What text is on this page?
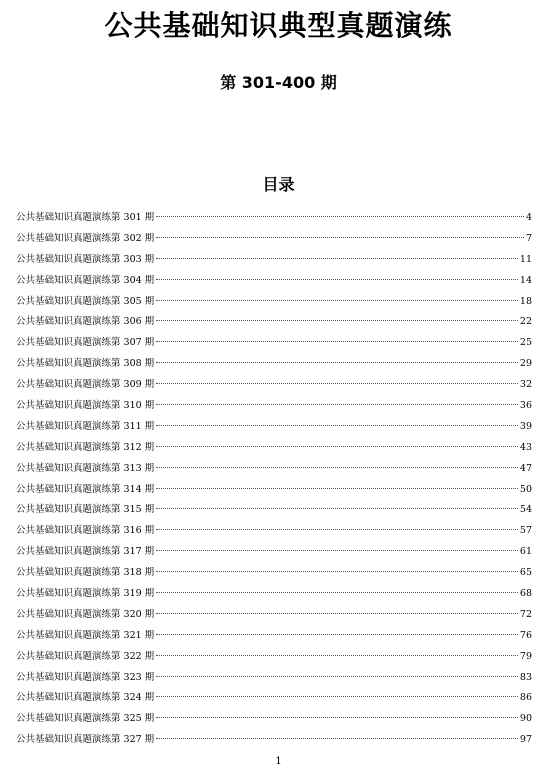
公共基础知识典型真题演练
第 301-400 期
目录
公共基础知识真题演练第 301 期	4
公共基础知识真题演练第 302 期	7
公共基础知识真题演练第 303 期	11
公共基础知识真题演练第 304 期	14
公共基础知识真题演练第 305 期	18
公共基础知识真题演练第 306 期	22
公共基础知识真题演练第 307 期	25
公共基础知识真题演练第 308 期	29
公共基础知识真题演练第 309 期	32
公共基础知识真题演练第 310 期	36
公共基础知识真题演练第 311 期	39
公共基础知识真题演练第 312 期	43
公共基础知识真题演练第 313 期	47
公共基础知识真题演练第 314 期	50
公共基础知识真题演练第 315 期	54
公共基础知识真题演练第 316 期	57
公共基础知识真题演练第 317 期	61
公共基础知识真题演练第 318 期	65
公共基础知识真题演练第 319 期	68
公共基础知识真题演练第 320 期	72
公共基础知识真题演练第 321 期	76
公共基础知识真题演练第 322 期	79
公共基础知识真题演练第 323 期	83
公共基础知识真题演练第 324 期	86
公共基础知识真题演练第 325 期	90
公共基础知识真题演练第 327 期	97
1
